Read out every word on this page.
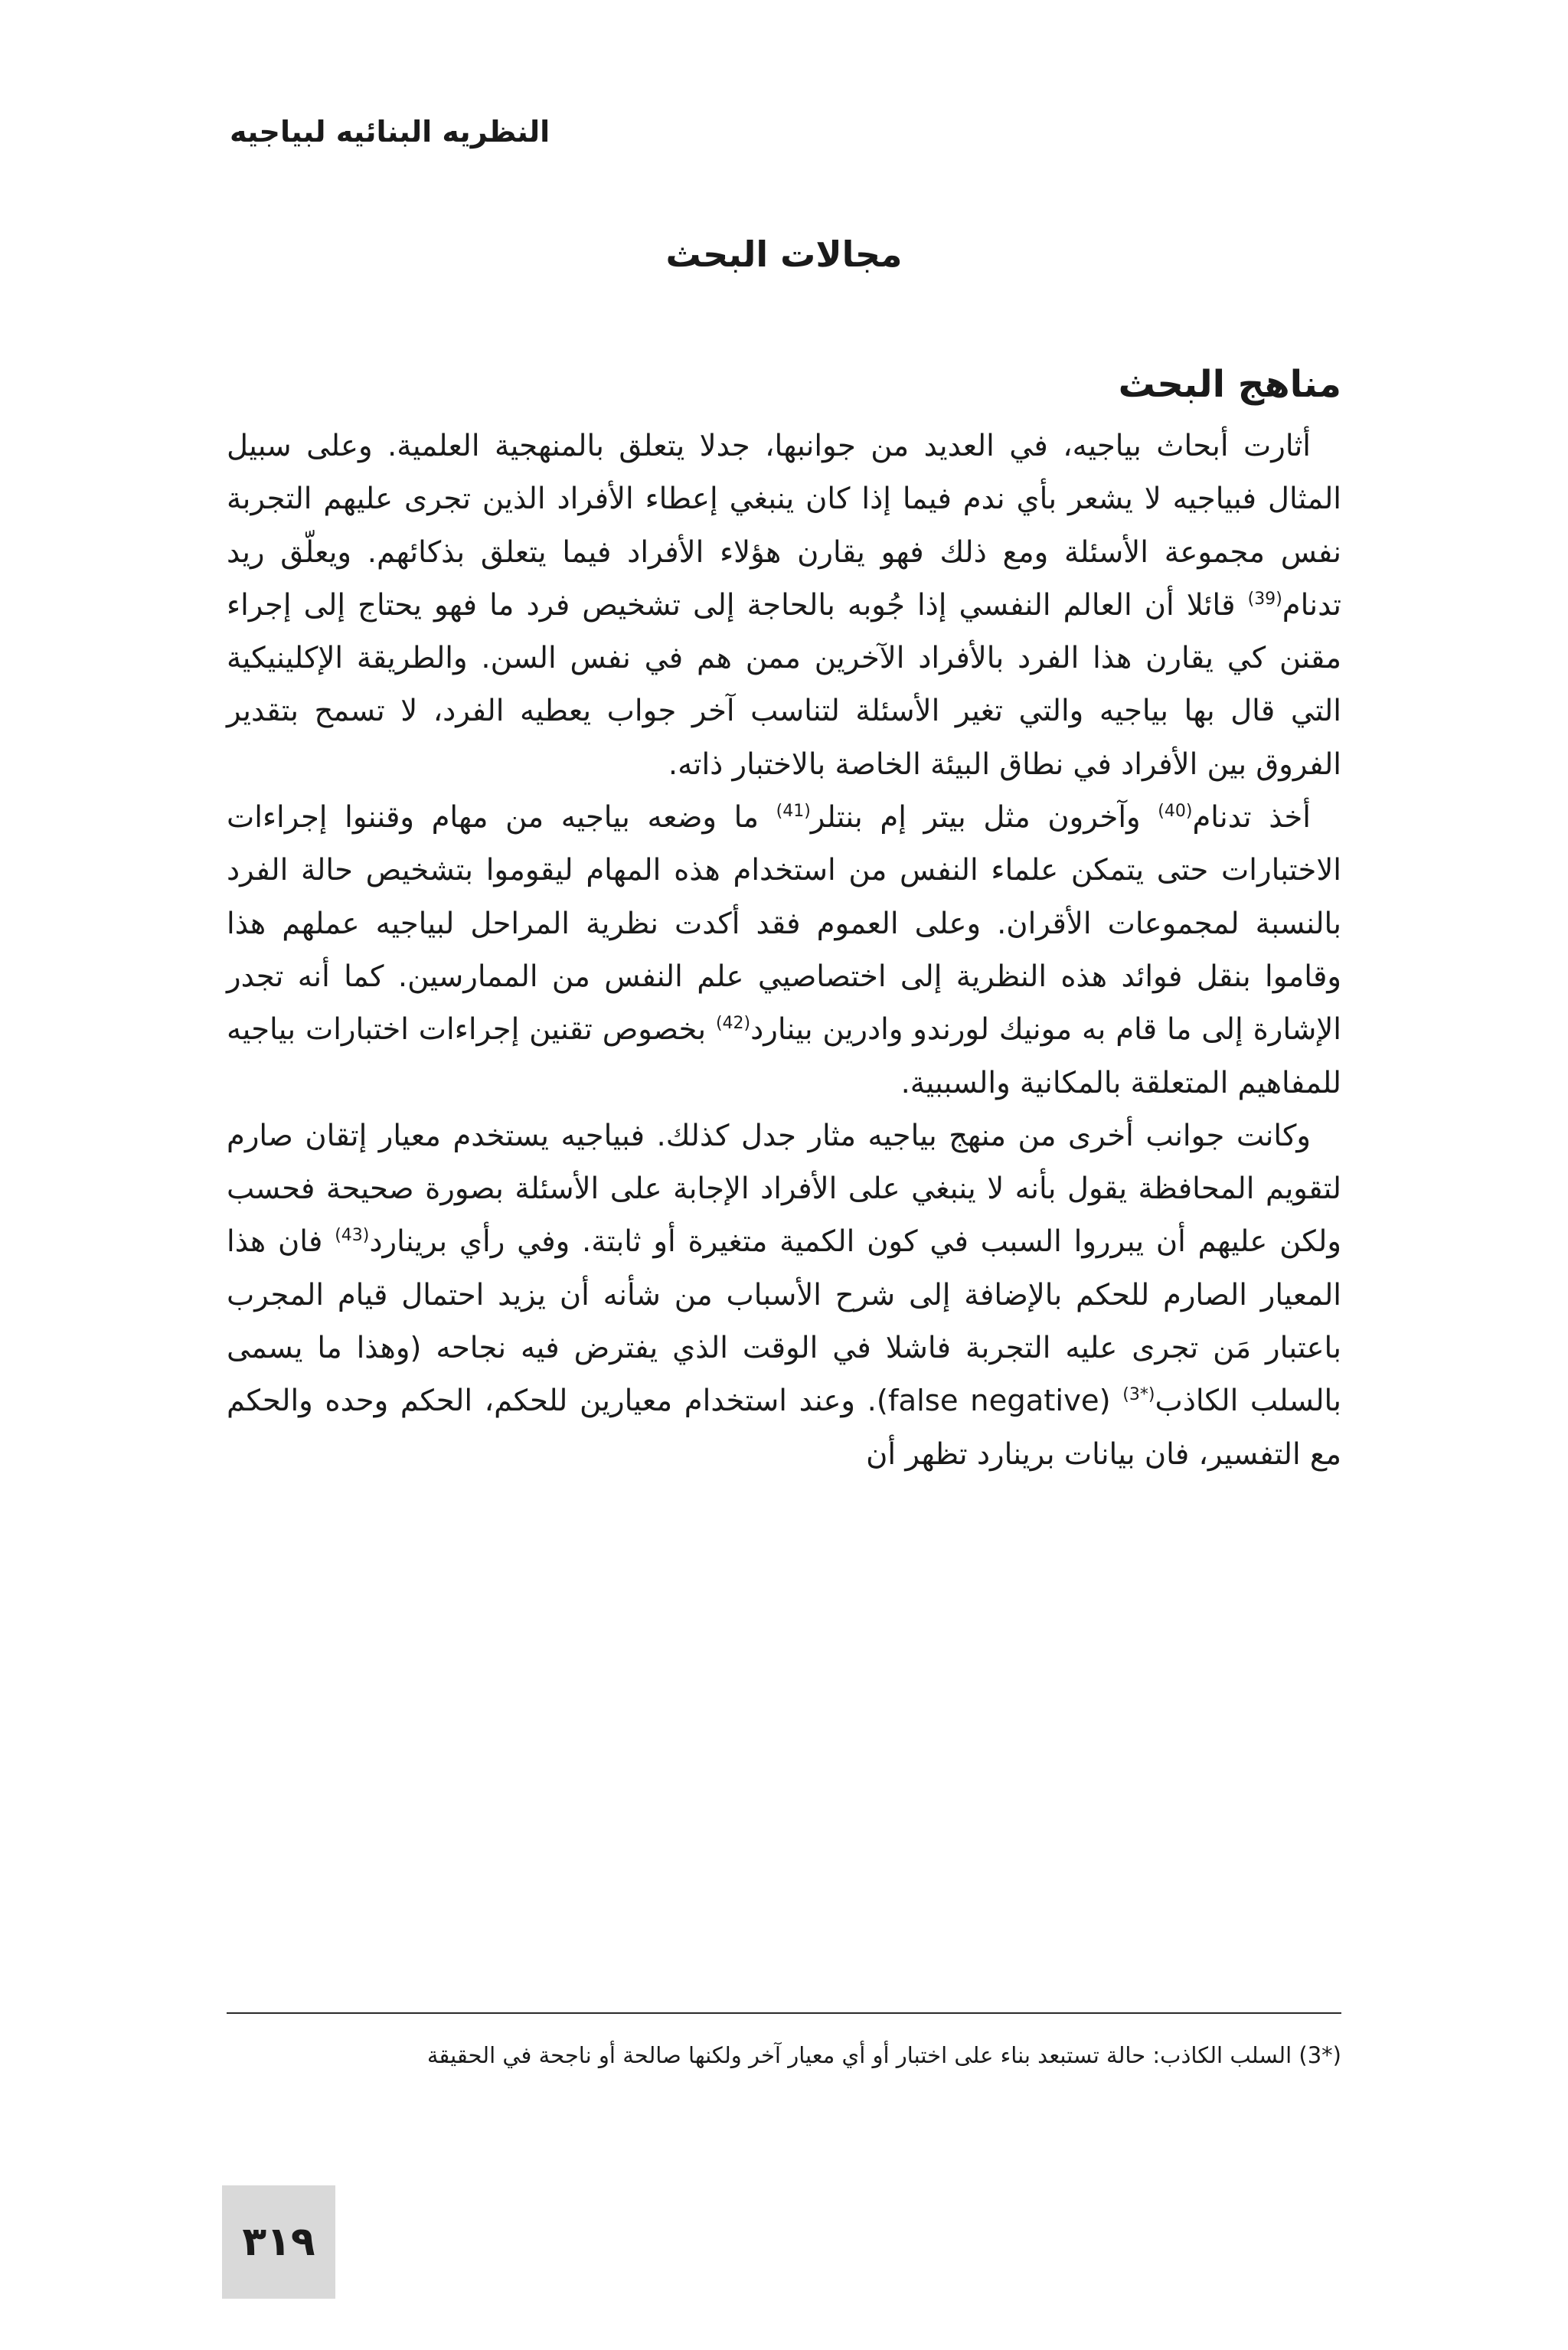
النظريه البنائيه لبياجيه
مجالات البحث
مناهج البحث

أثارت أبحاث بياجيه، في العديد من جوانبها، جدلا يتعلق بالمنهجية العلمية. وعلى سبيل المثال فبياجيه لا يشعر بأي ندم فيما إذا كان ينبغي إعطاء الأفراد الذين تجرى عليهم التجربة نفس مجموعة الأسئلة ومع ذلك فهو يقارن هؤلاء الأفراد فيما يتعلق بذكائهم. ويعلّق ريد تدنام$^{(39)}$ قائلا أن العالم النفسي إذا جُوبه بالحاجة إلى تشخيص فرد ما فهو يحتاج إلى إجراء مقنن كي يقارن هذا الفرد بالأفراد الآخرين ممن هم في نفس السن. والطريقة الإكلينيكية التي قال بها بياجيه والتي تغير الأسئلة لتناسب آخر جواب يعطيه الفرد، لا تسمح بتقدير الفروق بين الأفراد في نطاق البيئة الخاصة بالاختبار ذاته.

أخذ تدنام$^{(40)}$ وآخرون مثل بيتر إم بنتلر$^{(41)}$ ما وضعه بياجيه من مهام وقننوا إجراءات الاختبارات حتى يتمكن علماء النفس من استخدام هذه المهام ليقوموا بتشخيص حالة الفرد بالنسبة لمجموعات الأقران. وعلى العموم فقد أكدت نظرية المراحل لبياجيه عملهم هذا وقاموا بنقل فوائد هذه النظرية إلى اختصاصيي علم النفس من الممارسين. كما أنه تجدر الإشارة إلى ما قام به مونيك لورندو وادرين بينارد$^{(42)}$ بخصوص تقنين إجراءات اختبارات بياجيه للمفاهيم المتعلقة بالمكانية والسببية.

وكانت جوانب أخرى من منهج بياجيه مثار جدل كذلك. فبياجيه يستخدم معيار إتقان صارم لتقويم المحافظة يقول بأنه لا ينبغي على الأفراد الإجابة على الأسئلة بصورة صحيحة فحسب ولكن عليهم أن يبرروا السبب في كون الكمية متغيرة أو ثابتة. وفي رأي برينارد$^{(43)}$ فان هذا المعيار الصارم للحكم بالإضافة إلى شرح الأسباب من شأنه أن يزيد احتمال قيام المجرب باعتبار مَن تجرى عليه التجربة فاشلا في الوقت الذي يفترض فيه نجاحه (وهذا ما يسمى بالسلب الكاذب$^{(*3)}$ (false negative). وعند استخدام معيارين للحكم، الحكم وحده والحكم مع التفسير، فان بيانات برينارد تظهر أن

(*3) السلب الكاذب: حالة تستبعد بناء على اختبار أو أي معيار آخر ولكنها صالحة أو ناجحة في الحقيقة
٣١٩
